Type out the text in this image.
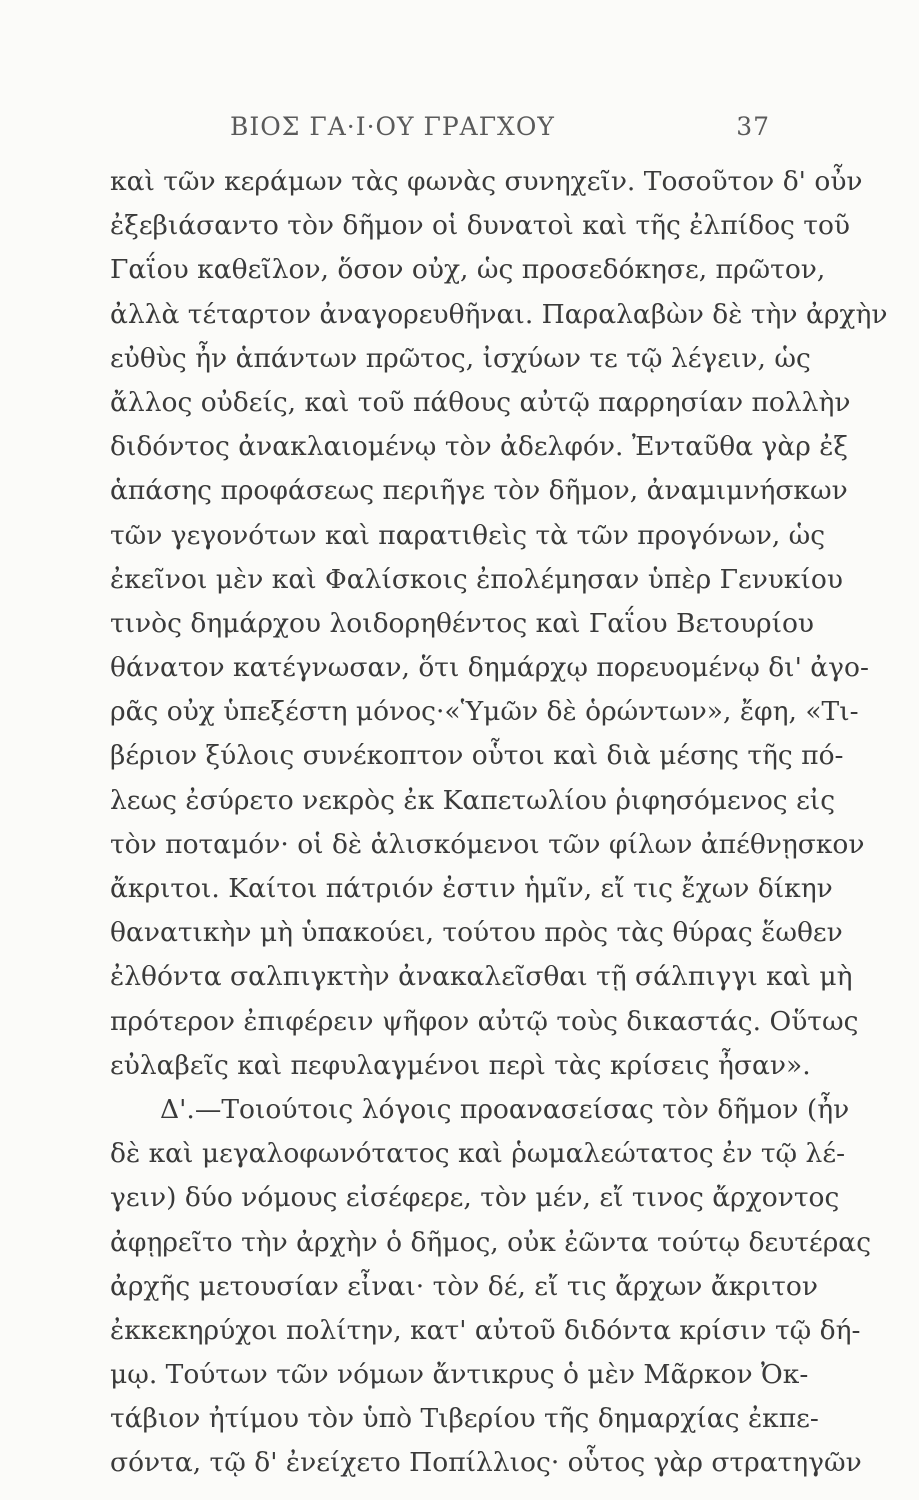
ΒΙΟΣ ΓΑ·Ι·ΟΥ ΓΡΑΓΧΟΥ	37
καὶ τῶν κεράμων τὰς φωνὰς συνηχεῖν. Τοσοῦτον δ' οὖν
ἐξεβιάσαντο τὸν δῆμον οἱ δυνατοὶ καὶ τῆς ἐλπίδος τοῦ
Γαΐου καθεῖλον, ὅσον οὐχ, ὡς προσεδόκησε, πρῶτον,
ἀλλὰ τέταρτον ἀναγορευθῆναι. Παραλαβὼν δὲ τὴν ἀρχὴν
εὐθὺς ἦν ἁπάντων πρῶτος, ἰσχύων τε τῷ λέγειν, ὡς
ἄλλος οὐδείς, καὶ τοῦ πάθους αὐτῷ παρρησίαν πολλὴν
διδόντος ἀνακλαιομένῳ τὸν ἀδελφόν. Ἐνταῦθα γὰρ ἐξ
ἁπάσης προφάσεως περιῆγε τὸν δῆμον, ἀναμιμνήσκων
τῶν γεγονότων καὶ παρατιθεὶς τὰ τῶν προγόνων, ὡς
ἐκεῖνοι μὲν καὶ Φαλίσκοις ἐπολέμησαν ὑπὲρ Γενυκίου
τινὸς δημάρχου λοιδορηθέντος καὶ Γαΐου Βετουρίου
θάνατον κατέγνωσαν, ὅτι δημάρχῳ πορευομένῳ δι' ἀγο-
ρᾶς οὐχ ὑπεξέστη μόνος·«Ὑμῶν δὲ ὁρώντων», ἔφη, «Τι-
βέριον ξύλοις συνέκοπτον οὗτοι καὶ διὰ μέσης τῆς πό-
λεως ἐσύρετο νεκρὸς ἐκ Καπετωλίου ῥιφησόμενος εἰς
τὸν ποταμόν· οἱ δὲ ἁλισκόμενοι τῶν φίλων ἀπέθνῃσκον
ἄκριτοι. Καίτοι πάτριόν ἐστιν ἡμῖν, εἴ τις ἔχων δίκην
θανατικὴν μὴ ὑπακούει, τούτου πρὸς τὰς θύρας ἕωθεν
ἐλθόντα σαλπιγκτὴν ἀνακαλεῖσθαι τῇ σάλπιγγι καὶ μὴ
πρότερον ἐπιφέρειν ψῆφον αὐτῷ τοὺς δικαστάς. Οὕτως
εὐλαβεῖς καὶ πεφυλαγμένοι περὶ τὰς κρίσεις ἦσαν».
Δ'.—Τοιούτοις λόγοις προανασείσας τὸν δῆμον (ἦν
δὲ καὶ μεγαλοφωνότατος καὶ ῥωμαλεώτατος ἐν τῷ λέ-
γειν) δύο νόμους εἰσέφερε, τὸν μέν, εἴ τινος ἄρχοντος
ἀφῃρεῖτο τὴν ἀρχὴν ὁ δῆμος, οὐκ ἐῶντα τούτῳ δευτέρας
ἀρχῆς μετουσίαν εἶναι· τὸν δέ, εἴ τις ἄρχων ἄκριτον
ἐκκεκηρύχοι πολίτην, κατ' αὐτοῦ διδόντα κρίσιν τῷ δή-
μῳ. Τούτων τῶν νόμων ἄντικρυς ὁ μὲν Μᾶρκον Ὀκ-
τάβιον ἠτίμου τὸν ὑπὸ Τιβερίου τῆς δημαρχίας ἐκπε-
σόντα, τῷ δ' ἐνείχετο Ποπίλλιος· οὗτος γὰρ στρατηγῶν
